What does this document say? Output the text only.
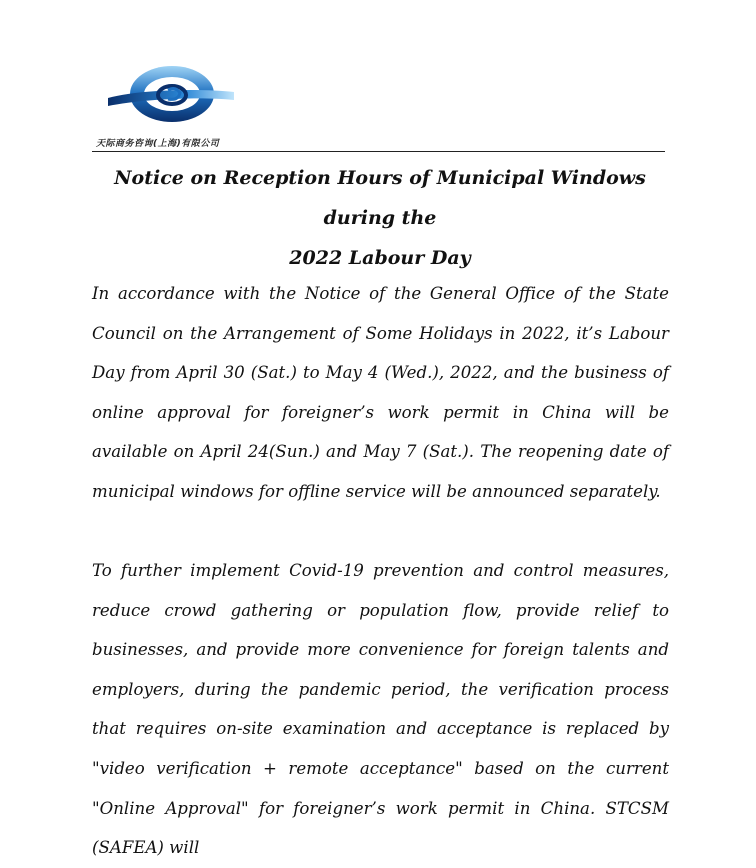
天际商务咨询(上海)有限公司
Notice on Reception Hours of Municipal Windows during the
2022 Labour Day

In accordance with the Notice of the General Office of the State Council on the Arrangement of Some Holidays in 2022, it’s Labour Day from April 30 (Sat.) to May 4 (Wed.), 2022, and the business of online approval for foreigner’s work permit in China will be available on April 24(Sun.) and May 7 (Sat.). The reopening date of municipal windows for offline service will be announced separately.

To further implement Covid-19 prevention and control measures, reduce crowd gathering or population flow, provide relief to businesses, and provide more convenience for foreign talents and employers, during the pandemic period, the verification process that requires on-site examination and acceptance is replaced by "video verification + remote acceptance" based on the current "Online Approval" for foreigner’s work permit in China. STCSM (SAFEA) will
